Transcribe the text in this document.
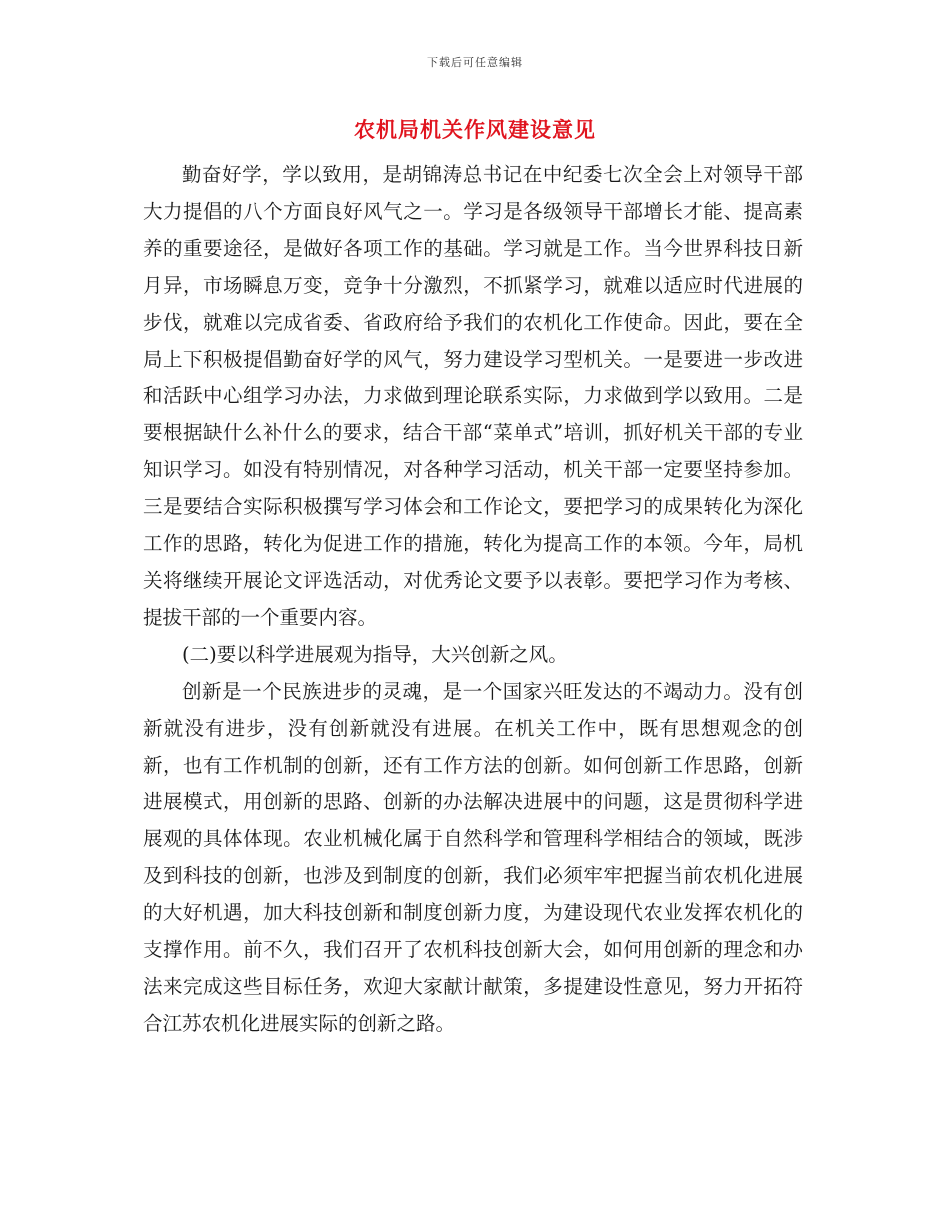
下载后可任意编辑
农机局机关作风建设意见

勤奋好学，学以致用，是胡锦涛总书记在中纪委七次全会上对领导干部大力提倡的八个方面良好风气之一。学习是各级领导干部增长才能、提高素养的重要途径，是做好各项工作的基础。学习就是工作。当今世界科技日新月异，市场瞬息万变，竞争十分激烈，不抓紧学习，就难以适应时代进展的步伐，就难以完成省委、省政府给予我们的农机化工作使命。因此，要在全局上下积极提倡勤奋好学的风气，努力建设学习型机关。一是要进一步改进和活跃中心组学习办法，力求做到理论联系实际，力求做到学以致用。二是要根据缺什么补什么的要求，结合干部“菜单式”培训，抓好机关干部的专业知识学习。如没有特别情况，对各种学习活动，机关干部一定要坚持参加。三是要结合实际积极撰写学习体会和工作论文，要把学习的成果转化为深化工作的思路，转化为促进工作的措施，转化为提高工作的本领。今年，局机关将继续开展论文评选活动，对优秀论文要予以表彰。要把学习作为考核、提拔干部的一个重要内容。

(二)要以科学进展观为指导，大兴创新之风。

创新是一个民族进步的灵魂，是一个国家兴旺发达的不竭动力。没有创新就没有进步，没有创新就没有进展。在机关工作中，既有思想观念的创新，也有工作机制的创新，还有工作方法的创新。如何创新工作思路，创新进展模式，用创新的思路、创新的办法解决进展中的问题，这是贯彻科学进展观的具体体现。农业机械化属于自然科学和管理科学相结合的领域，既涉及到科技的创新，也涉及到制度的创新，我们必须牢牢把握当前农机化进展的大好机遇，加大科技创新和制度创新力度，为建设现代农业发挥农机化的支撑作用。前不久，我们召开了农机科技创新大会，如何用创新的理念和办法来完成这些目标任务，欢迎大家献计献策，多提建设性意见，努力开拓符合江苏农机化进展实际的创新之路。
